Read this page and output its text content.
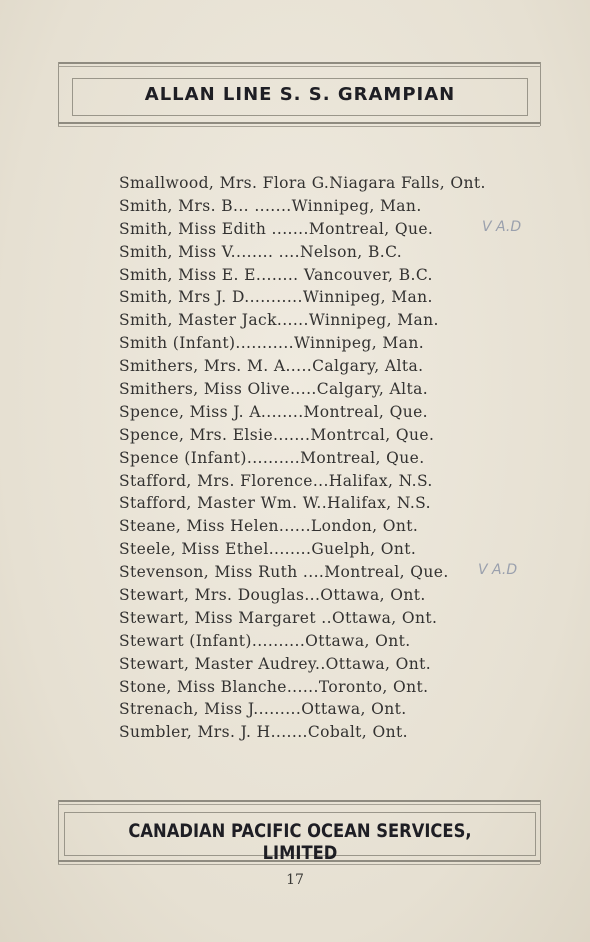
ALLAN LINE S. S. GRAMPIAN
Smallwood, Mrs. Flora G.Niagara Falls, Ont.
Smith, Mrs. B... .......Winnipeg, Man.
Smith, Miss Edith .......Montreal, Que.
Smith, Miss V........ ....Nelson, B.C.
Smith, Miss E. E........ Vancouver, B.C.
Smith, Mrs J. D...........Winnipeg, Man.
Smith, Master Jack......Winnipeg, Man.
Smith (Infant)...........Winnipeg, Man.
Smithers, Mrs. M. A.....Calgary, Alta.
Smithers, Miss Olive.....Calgary, Alta.
Spence, Miss J. A........Montreal, Que.
Spence, Mrs. Elsie.......Montrcal, Que.
Spence (Infant)..........Montreal, Que.
Stafford, Mrs. Florence...Halifax, N.S.
Stafford, Master Wm. W..Halifax, N.S.
Steane, Miss Helen......London, Ont.
Steele, Miss Ethel........Guelph, Ont.
Stevenson, Miss Ruth ....Montreal, Que.
Stewart, Mrs. Douglas...Ottawa, Ont.
Stewart, Miss Margaret ..Ottawa, Ont.
Stewart (Infant)..........Ottawa, Ont.
Stewart, Master Audrey..Ottawa, Ont.
Stone, Miss Blanche......Toronto, Ont.
Strenach, Miss J.........Ottawa, Ont.
Sumbler, Mrs. J. H.......Cobalt, Ont.
V A.D
V A.D
CANADIAN PACIFIC OCEAN SERVICES, LIMITED
17
